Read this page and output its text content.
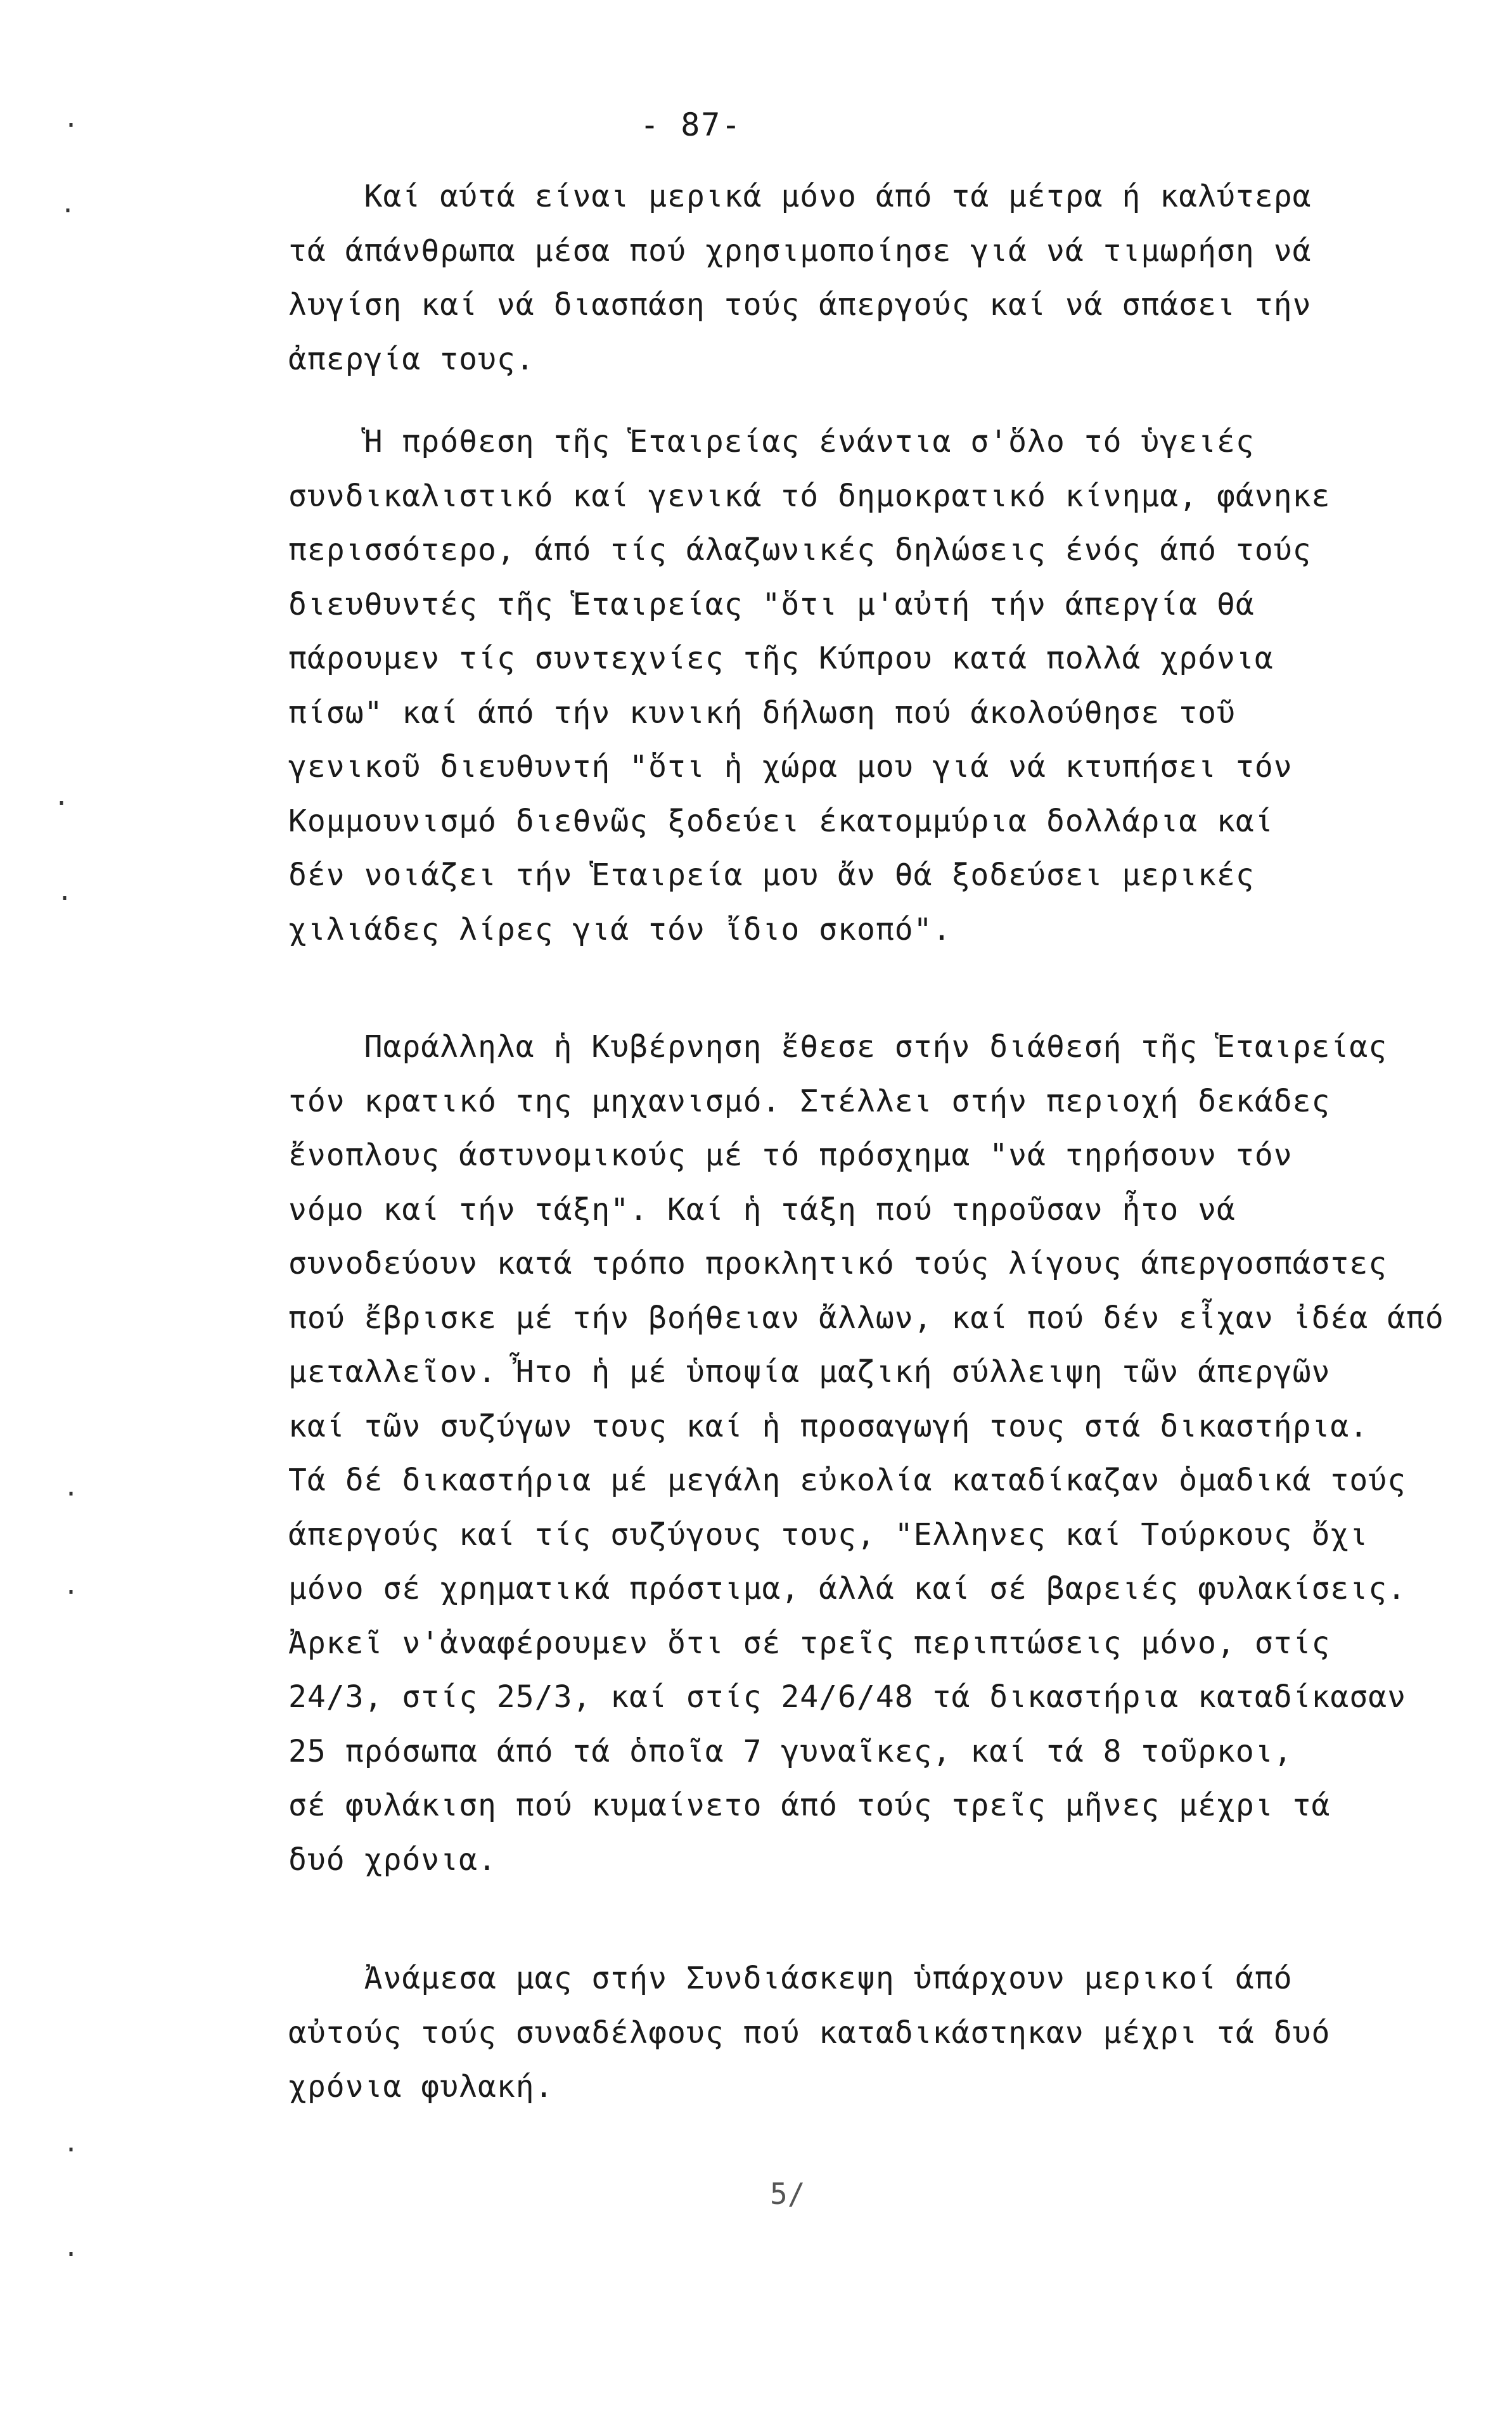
- 87-
Καί αύτά είναι μερικά μόνο άπό τά μέτρα ή καλύτερα
τά άπάνθρωπα μέσα πού χρησιμοποίησε γιά νά τιμωρήση νά
λυγίση καί νά διασπάση τούς άπεργούς καί νά σπάσει τήν
ἀπεργία τους.
Ἡ πρόθεση τῆς Ἑταιρείας ένάντια σ'ὅλο τό ὑγειές
συνδικαλιστικό καί γενικά τό δημοκρατικό κίνημα, φάνηκε
περισσότερο, άπό τίς άλαζωνικές δηλώσεις ένός άπό τούς
διευθυντές τῆς Ἑταιρείας "ὅτι μ'αὐτή τήν άπεργία θά
πάρουμεν τίς συντεχνίες τῆς Κύπρου κατά πολλά χρόνια
πίσω" καί άπό τήν κυνική δήλωση πού άκολούθησε τοῦ
γενικοῦ διευθυντή "ὅτι ἡ χώρα μου γιά νά κτυπήσει τόν
Κομμουνισμό διεθνῶς ξοδεύει έκατομμύρια δολλάρια καί
δέν νοιάζει τήν Ἑταιρεία μου ἄν θά ξοδεύσει μερικές
χιλιάδες λίρες γιά τόν ἴδιο σκοπό".
Παράλληλα ἡ Κυβέρνηση ἔθεσε στήν διάθεσή τῆς Ἑταιρείας
τόν κρατικό της μηχανισμό. Στέλλει στήν περιοχή δεκάδες
ἔνοπλους άστυνομικούς μέ τό πρόσχημα "νά τηρήσουν τόν
νόμο καί τήν τάξη". Καί ἡ τάξη πού τηροῦσαν ἦτο νά
συνοδεύουν κατά τρόπο προκλητικό τούς λίγους άπεργοσπάστες
πού ἔβρισκε μέ τήν βοήθειαν ἄλλων, καί πού δέν εἶχαν ἰδέα άπό
μεταλλεῖον. Ἦτο ἡ μέ ὑποψία μαζική σύλλειψη τῶν άπεργῶν
καί τῶν συζύγων τους καί ἡ προσαγωγή τους στά δικαστήρια.
Τά δέ δικαστήρια μέ μεγάλη εὐκολία καταδίκαζαν ὁμαδικά τούς
άπεργούς καί τίς συζύγους τους, "Ελληνες καί Τούρκους ὄχι
μόνο σέ χρηματικά πρόστιμα, άλλά καί σέ βαρειές φυλακίσεις.
Ἀρκεῖ ν'ἀναφέρουμεν ὅτι σέ τρεῖς περιπτώσεις μόνο, στίς
24/3, στίς 25/3, καί στίς 24/6/48 τά δικαστήρια καταδίκασαν
25 πρόσωπα άπό τά ὁποῖα 7 γυναῖκες, καί τά 8 τοῦρκοι,
σέ φυλάκιση πού κυμαίνετο άπό τούς τρεῖς μῆνες μέχρι τά
δυό χρόνια.
Ἀνάμεσα μας στήν Συνδιάσκεψη ὑπάρχουν μερικοί άπό
αὐτούς τούς συναδέλφους πού καταδικάστηκαν μέχρι τά δυό
χρόνια φυλακή.
5/
·
·
·
·
·
·
·
·
